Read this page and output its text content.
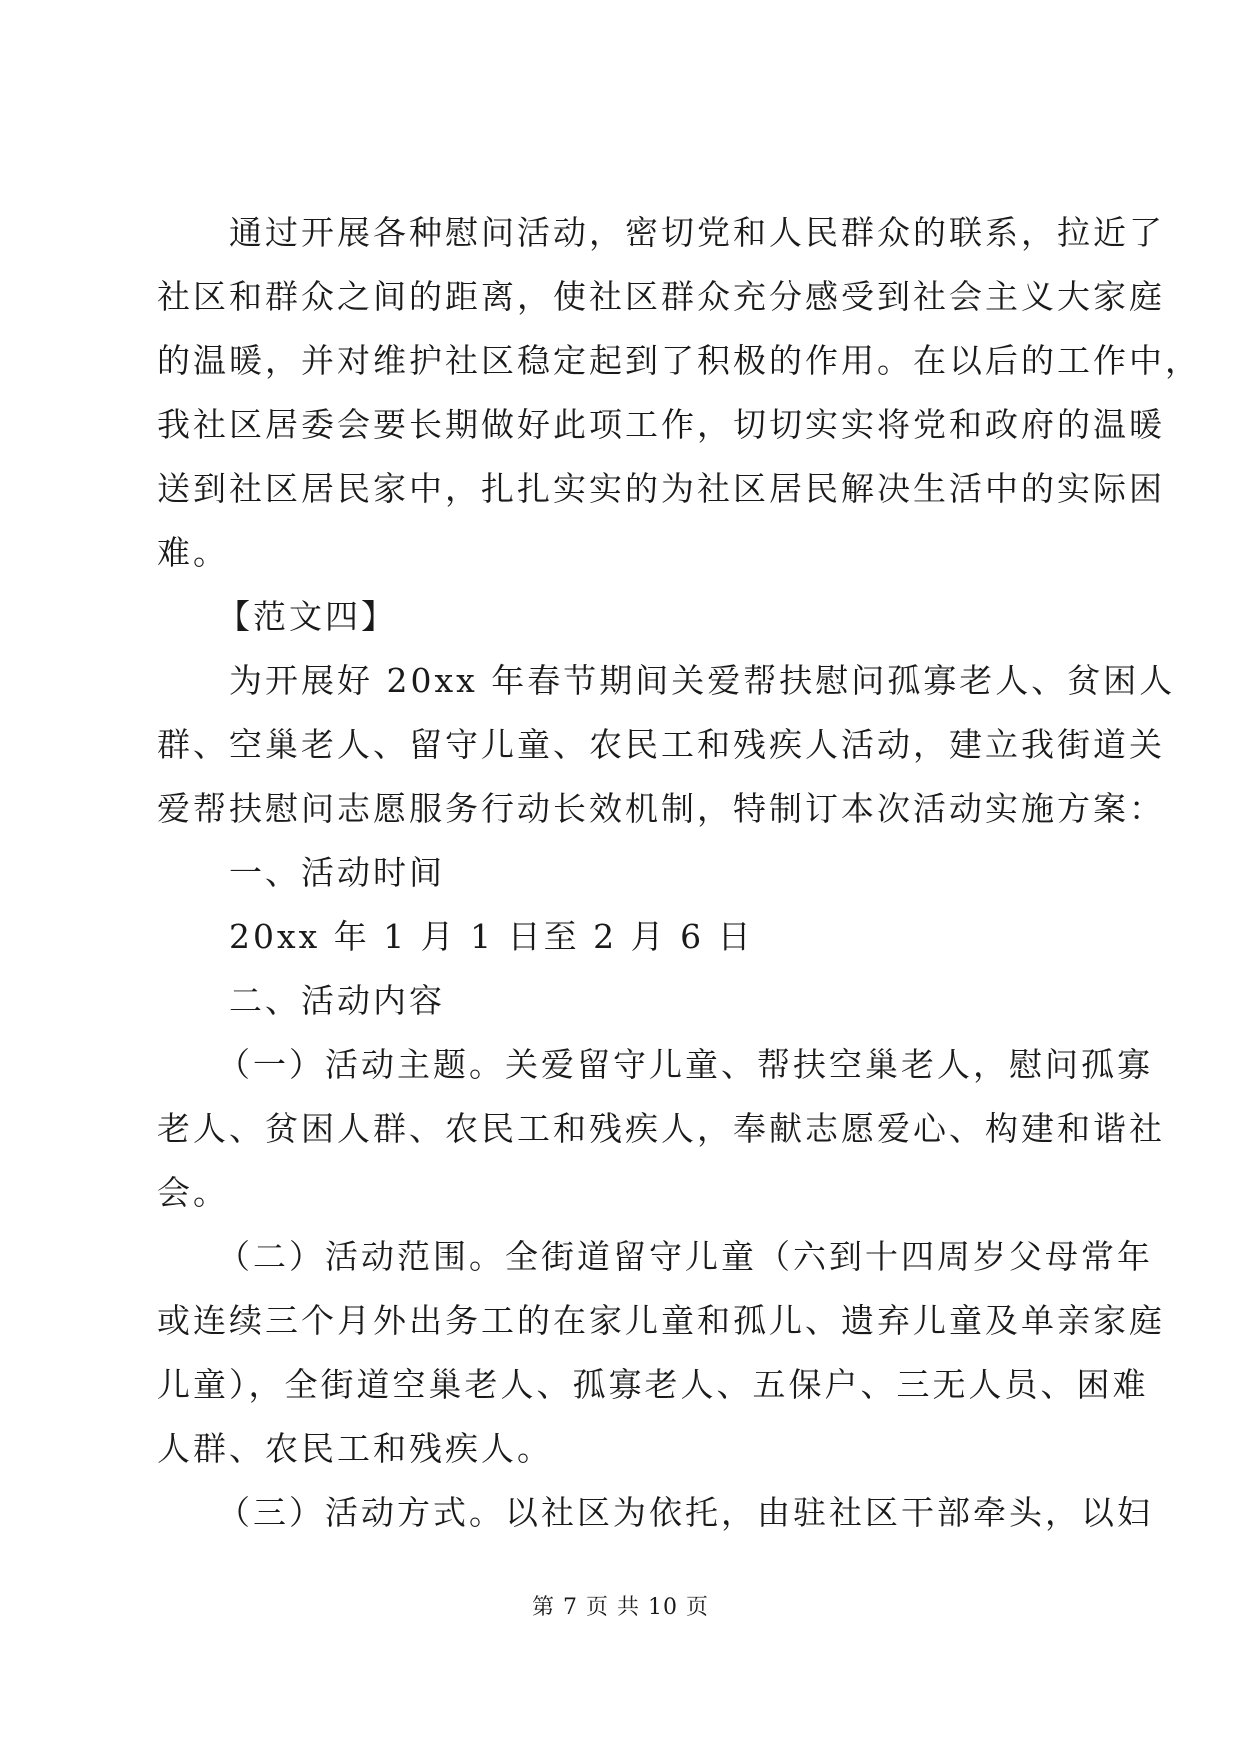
通过开展各种慰问活动，密切党和人民群众的联系，拉近了

社区和群众之间的距离，使社区群众充分感受到社会主义大家庭

的温暖，并对维护社区稳定起到了积极的作用。在以后的工作中，

我社区居委会要长期做好此项工作，切切实实将党和政府的温暖

送到社区居民家中，扎扎实实的为社区居民解决生活中的实际困

难。

【范文四】

为开展好 20xx 年春节期间关爱帮扶慰问孤寡老人、贫困人

群、空巢老人、留守儿童、农民工和残疾人活动，建立我街道关

爱帮扶慰问志愿服务行动长效机制，特制订本次活动实施方案：

一、活动时间

20xx 年 1 月 1 日至 2 月 6 日

二、活动内容

（一）活动主题。关爱留守儿童、帮扶空巢老人，慰问孤寡

老人、贫困人群、农民工和残疾人，奉献志愿爱心、构建和谐社

会。

（二）活动范围。全街道留守儿童（六到十四周岁父母常年

或连续三个月外出务工的在家儿童和孤儿、遗弃儿童及单亲家庭

儿童），全街道空巢老人、孤寡老人、五保户、三无人员、困难

人群、农民工和残疾人。

（三）活动方式。以社区为依托，由驻社区干部牵头，以妇

第 7 页 共 10 页
